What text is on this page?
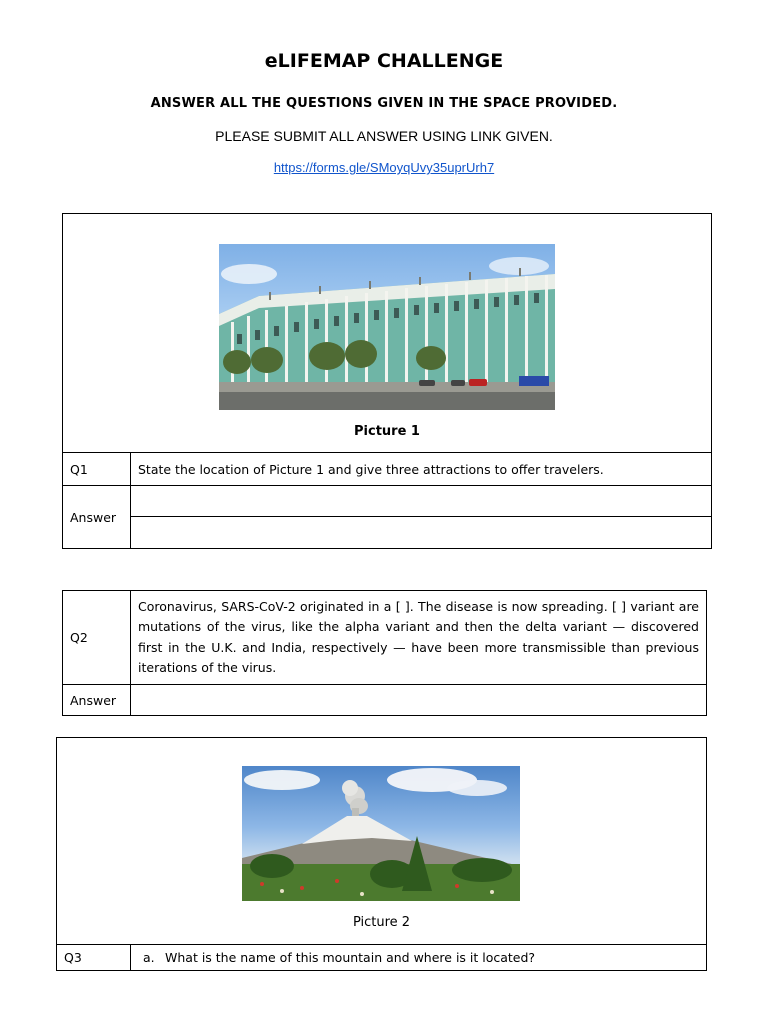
eLIFEMAP CHALLENGE
ANSWER ALL THE QUESTIONS GIVEN IN THE SPACE PROVIDED.
PLEASE SUBMIT ALL ANSWER USING LINK GIVEN.
https://forms.gle/SMoyqUvy35uprUrh7
Picture 1	

Q1	State the location of Picture 1 and give three attractions to offer travelers.
Answer	

Q2	Coronavirus, SARS-CoV-2 originated in a [ ]. The disease is now spreading. [ ] variant are mutations of the virus, like the alpha variant and then the delta variant — discovered first in the U.K. and India, respectively — have been more transmissible than previous iterations of the virus.
Answer	
Picture 2

Q3	a. What is the name of this mountain and where is it located?
